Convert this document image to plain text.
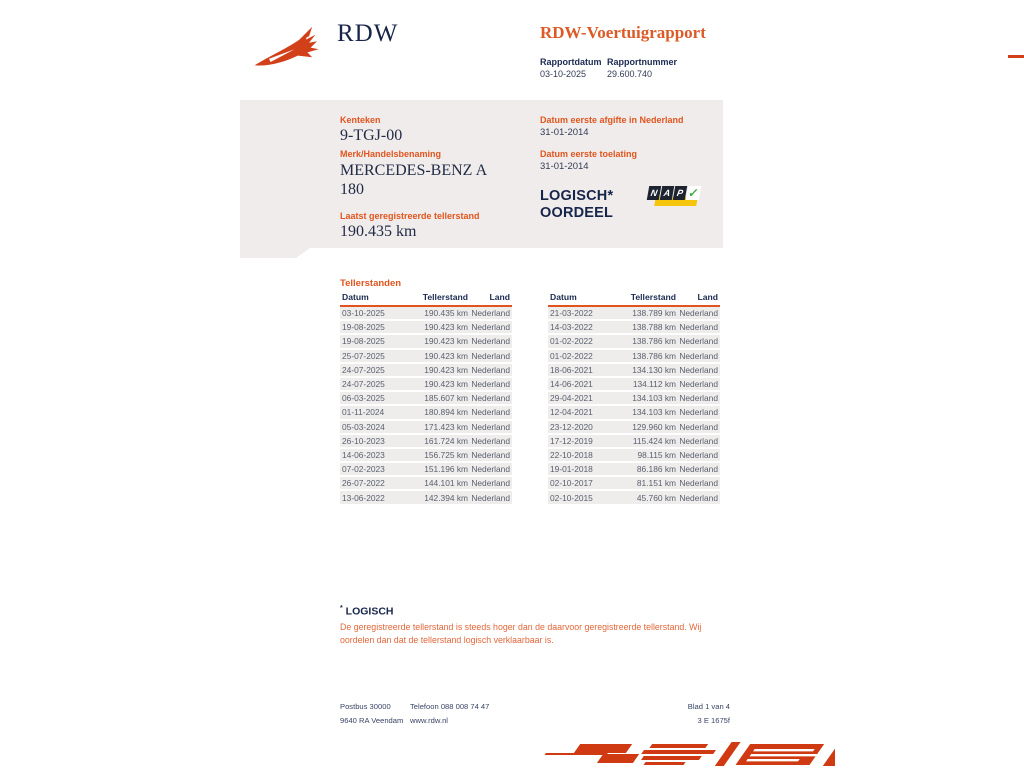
RDW	RDW-Voertuigrapport
Rapportdatum Rapportnummer
03-10-2025 29.600.740
Kenteken
9-TGJ-00
Merk/Handelsbenaming
MERCEDES-BENZ A 180
Laatst geregistreerde tellerstand
190.435 km
Datum eerste afgifte in Nederland
31-01-2014
Datum eerste toelating
31-01-2014
LOGISCH*
OORDEEL
N A P ✓
Tellerstanden
Datum	Tellerstand	Land
03-10-2025	190.435 km Nederland
19-08-2025	190.423 km Nederland
19-08-2025	190.423 km Nederland
25-07-2025	190.423 km Nederland
24-07-2025	190.423 km Nederland
24-07-2025	190.423 km Nederland
06-03-2025	185.607 km Nederland
01-11-2024	180.894 km Nederland
05-03-2024	171.423 km Nederland
26-10-2023	161.724 km Nederland
14-06-2023	156.725 km Nederland
07-02-2023	151.196 km Nederland
26-07-2022	144.101 km Nederland
13-06-2022	142.394 km Nederland
Datum	Tellerstand	Land
21-03-2022	138.789 km Nederland
14-03-2022	138.788 km Nederland
01-02-2022	138.786 km Nederland
01-02-2022	138.786 km Nederland
18-06-2021	134.130 km Nederland
14-06-2021	134.112 km Nederland
29-04-2021	134.103 km Nederland
12-04-2021	134.103 km Nederland
23-12-2020	129.960 km Nederland
17-12-2019	115.424 km Nederland
22-10-2018	98.115 km Nederland
19-01-2018	86.186 km Nederland
02-10-2017	81.151 km Nederland
02-10-2015	45.760 km Nederland
* LOGISCH
De geregistreerde tellerstand is steeds hoger dan de daarvoor geregistreerde tellerstand. Wij oordelen dan dat de tellerstand logisch verklaarbaar is.
Postbus 30000
9640 RA Veendam
Telefoon 088 008 74 47
www.rdw.nl
Blad 1 van 4
3 E 1675f
